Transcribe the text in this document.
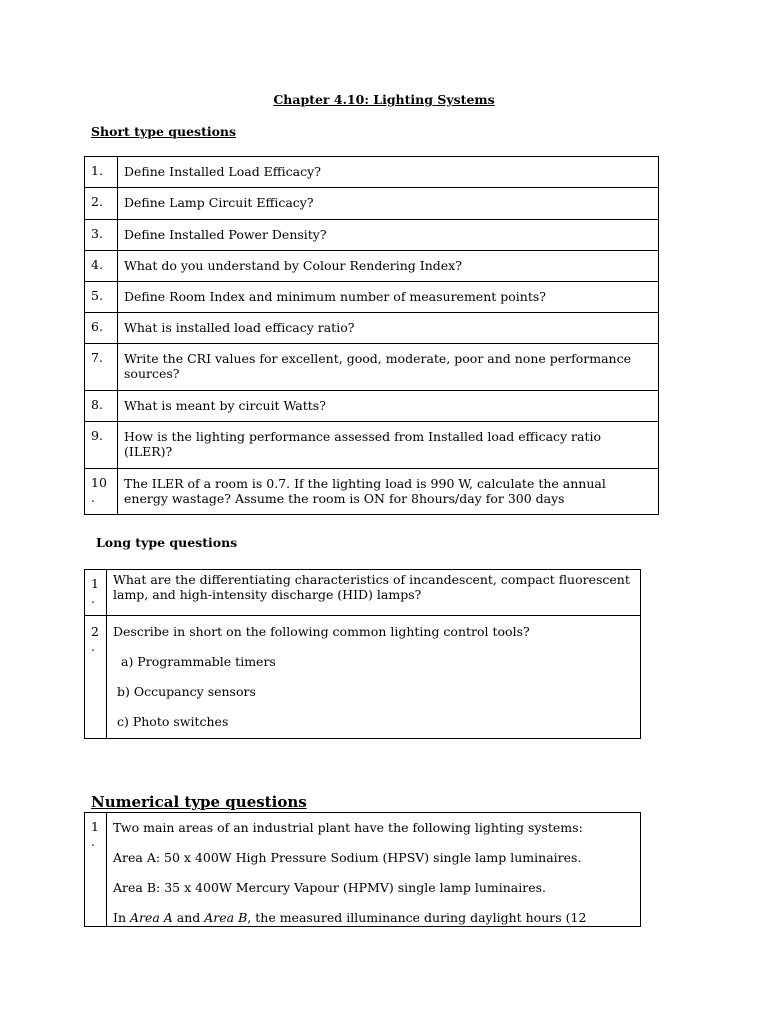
Chapter 4.10: Lighting Systems
Short type questions
1.	Define Installed Load Efficacy?
2.	Define Lamp Circuit Efficacy?
3.	Define Installed Power Density?
4.	What do you understand by Colour Rendering Index?
5.	Define Room Index and minimum number of measurement points?
6.	What is installed load efficacy ratio?
7.	Write the CRI values for excellent, good, moderate, poor and none performance sources?
8.	What is meant by circuit Watts?
9.	How is the lighting performance assessed from Installed load efficacy ratio (ILER)?
10 .	The ILER of a room is 0.7. If the lighting load is 990 W, calculate the annual energy wastage? Assume the room is ON for 8hours/day for 300 days
Long type questions
1 .	What are the differentiating characteristics of incandescent, compact fluorescent lamp, and high-intensity discharge (HID) lamps?
2 .	Describe in short on the following common lighting control tools?
a) Programmable timers
b) Occupancy sensors
c) Photo switches
Numerical type questions
1 .	
Two main areas of an industrial plant have the following lighting systems:
Area A: 50 x 400W High Pressure Sodium (HPSV) single lamp luminaires.
Area B: 35 x 400W Mercury Vapour (HPMV) single lamp luminaires.
In Area A and Area B, the measured illuminance during daylight hours (12
